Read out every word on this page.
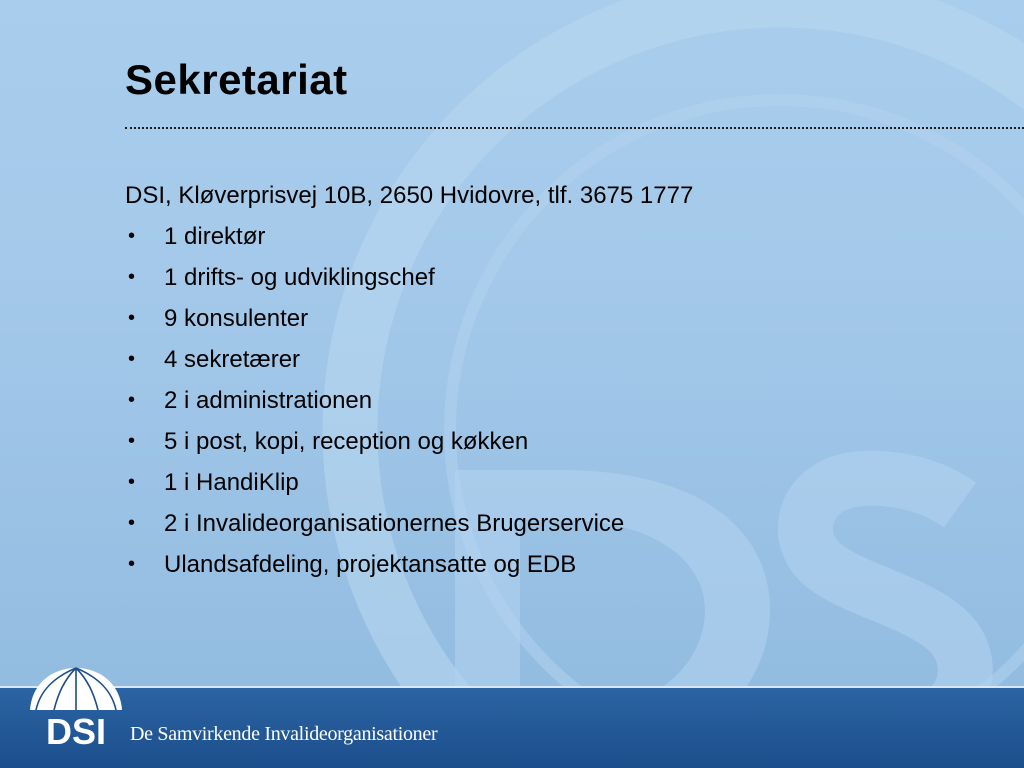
Sekretariat
DSI, Kløverprisvej 10B, 2650 Hvidovre, tlf. 3675 1777
• 1 direktør
• 1 drifts- og udviklingschef
• 9 konsulenter
• 4 sekretærer
• 2 i administrationen
• 5 i post, kopi, reception og køkken
• 1 i HandiKlip
• 2 i Invalideorganisationernes Brugerservice
• Ulandsafdeling, projektansatte og EDB
DSI De Samvirkende Invalideorganisationer
